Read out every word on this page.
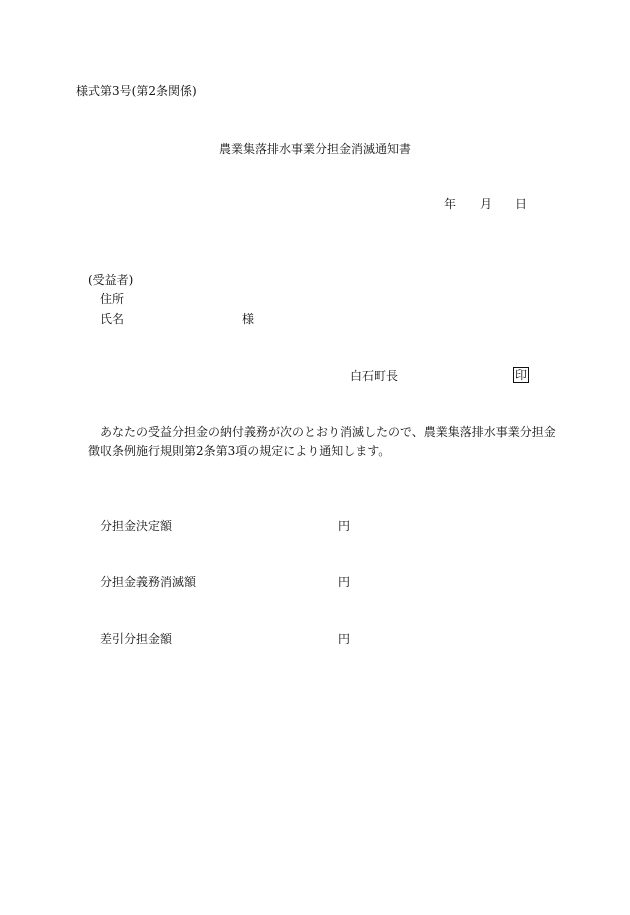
様式第3号(第2条関係)
農業集落排水事業分担金消滅通知書
年 月 日
(受益者)
住所
氏名	様
白石町長	印
あなたの受益分担金の納付義務が次のとおり消滅したので、農業集落排水事業分担金
徴収条例施行規則第2条第3項の規定により通知します。
分担金決定額	円
分担金義務消滅額	円
差引分担金額	円
